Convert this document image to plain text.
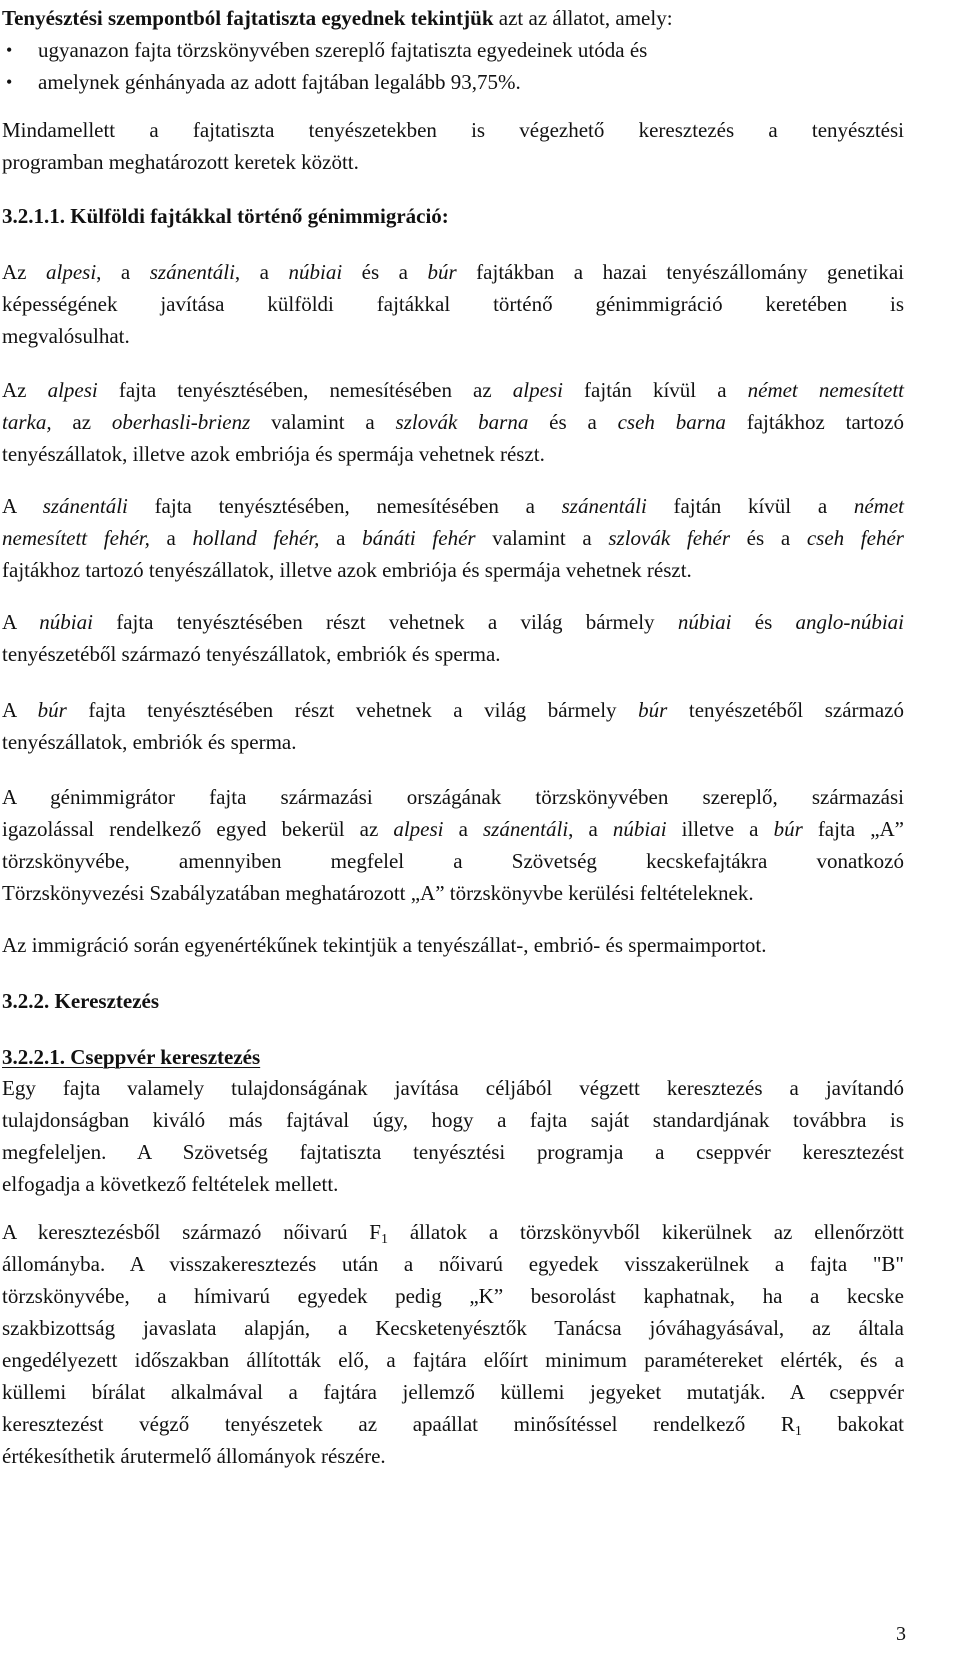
Tenyésztési szempontból fajtatiszta egyednek tekintjük azt az állatot, amely:

• ugyanazon fajta törzskönyvében szereplő fajtatiszta egyedeinek utóda és
• amelynek génhányada az adott fajtában legalább 93,75%.

Mindamellett a fajtatiszta tenyészetekben is végezhető keresztezés a tenyésztési

programban meghatározott keretek között.

3.2.1.1. Külföldi fajtákkal történő génimmigráció:

Az alpesi, a szánentáli, a núbiai és a búr fajtákban a hazai tenyészállomány genetikai

képességének javítása külföldi fajtákkal történő génimmigráció keretében is

megvalósulhat.

Az alpesi fajta tenyésztésében, nemesítésében az alpesi fajtán kívül a német nemesített

tarka, az oberhasli-brienz valamint a szlovák barna és a cseh barna fajtákhoz tartozó

tenyészállatok, illetve azok embriója és spermája vehetnek részt.

A szánentáli fajta tenyésztésében, nemesítésében a szánentáli fajtán kívül a német

nemesített fehér, a holland fehér, a bánáti fehér valamint a szlovák fehér és a cseh fehér

fajtákhoz tartozó tenyészállatok, illetve azok embriója és spermája vehetnek részt.

A núbiai fajta tenyésztésében részt vehetnek a világ bármely núbiai és anglo-núbiai

tenyészetéből származó tenyészállatok, embriók és sperma.

A búr fajta tenyésztésében részt vehetnek a világ bármely búr tenyészetéből származó

tenyészállatok, embriók és sperma.

A génimmigrátor fajta származási országának törzskönyvében szereplő, származási

igazolással rendelkező egyed bekerül az alpesi a szánentáli, a núbiai illetve a búr fajta „A”

törzskönyvébe, amennyiben megfelel a Szövetség kecskefajtákra vonatkozó

Törzskönyvezési Szabályzatában meghatározott „A” törzskönyvbe kerülési feltételeknek.

Az immigráció során egyenértékűnek tekintjük a tenyészállat-, embrió- és spermaimportot.

3.2.2. Keresztezés

3.2.2.1. Cseppvér keresztezés

Egy fajta valamely tulajdonságának javítása céljából végzett keresztezés a javítandó

tulajdonságban kiváló más fajtával úgy, hogy a fajta saját standardjának továbbra is

megfeleljen. A Szövetség fajtatiszta tenyésztési programja a cseppvér keresztezést

elfogadja a következő feltételek mellett.

A keresztezésből származó nőivarú $F_1$ állatok a törzskönyvből kikerülnek az ellenőrzött

állományba. A visszakeresztezés után a nőivarú egyedek visszakerülnek a fajta "B"

törzskönyvébe, a hímivarú egyedek pedig „K” besorolást kaphatnak, ha a kecske

szakbizottság javaslata alapján, a Kecsketenyésztők Tanácsa jóváhagyásával, az általa

engedélyezett időszakban állították elő, a fajtára előírt minimum paramétereket elérték, és a

küllemi bírálat alkalmával a fajtára jellemző küllemi jegyeket mutatják. A cseppvér

keresztezést végző tenyészetek az apaállat minősítéssel rendelkező $R_1$ bakokat

értékesíthetik árutermelő állományok részére.

3
